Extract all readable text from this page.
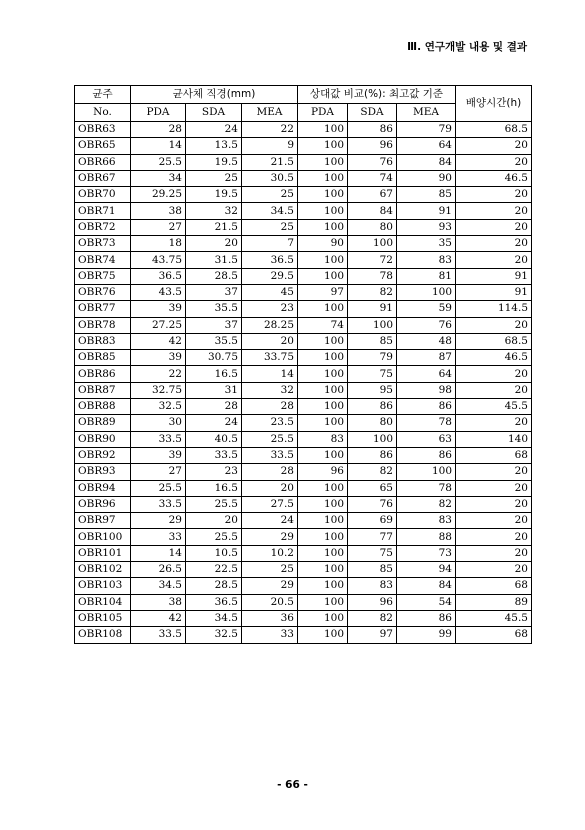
Ⅲ. 연구개발 내용 및 결과
균주	균사체 직경(mm)			상대값 비교(%): 최고값 기준			배양시간(h)
No.	PDA	SDA	MEA	PDA	SDA	MEA	
OBR63	28	24	22	100	86	79	68.5
OBR65	14	13.5	9	100	96	64	20
OBR66	25.5	19.5	21.5	100	76	84	20
OBR67	34	25	30.5	100	74	90	46.5
OBR70	29.25	19.5	25	100	67	85	20
OBR71	38	32	34.5	100	84	91	20
OBR72	27	21.5	25	100	80	93	20
OBR73	18	20	7	90	100	35	20
OBR74	43.75	31.5	36.5	100	72	83	20
OBR75	36.5	28.5	29.5	100	78	81	91
OBR76	43.5	37	45	97	82	100	91
OBR77	39	35.5	23	100	91	59	114.5
OBR78	27.25	37	28.25	74	100	76	20
OBR83	42	35.5	20	100	85	48	68.5
OBR85	39	30.75	33.75	100	79	87	46.5
OBR86	22	16.5	14	100	75	64	20
OBR87	32.75	31	32	100	95	98	20
OBR88	32.5	28	28	100	86	86	45.5
OBR89	30	24	23.5	100	80	78	20
OBR90	33.5	40.5	25.5	83	100	63	140
OBR92	39	33.5	33.5	100	86	86	68
OBR93	27	23	28	96	82	100	20
OBR94	25.5	16.5	20	100	65	78	20
OBR96	33.5	25.5	27.5	100	76	82	20
OBR97	29	20	24	100	69	83	20
OBR100	33	25.5	29	100	77	88	20
OBR101	14	10.5	10.2	100	75	73	20
OBR102	26.5	22.5	25	100	85	94	20
OBR103	34.5	28.5	29	100	83	84	68
OBR104	38	36.5	20.5	100	96	54	89
OBR105	42	34.5	36	100	82	86	45.5
OBR108	33.5	32.5	33	100	97	99	68
- 66 -
